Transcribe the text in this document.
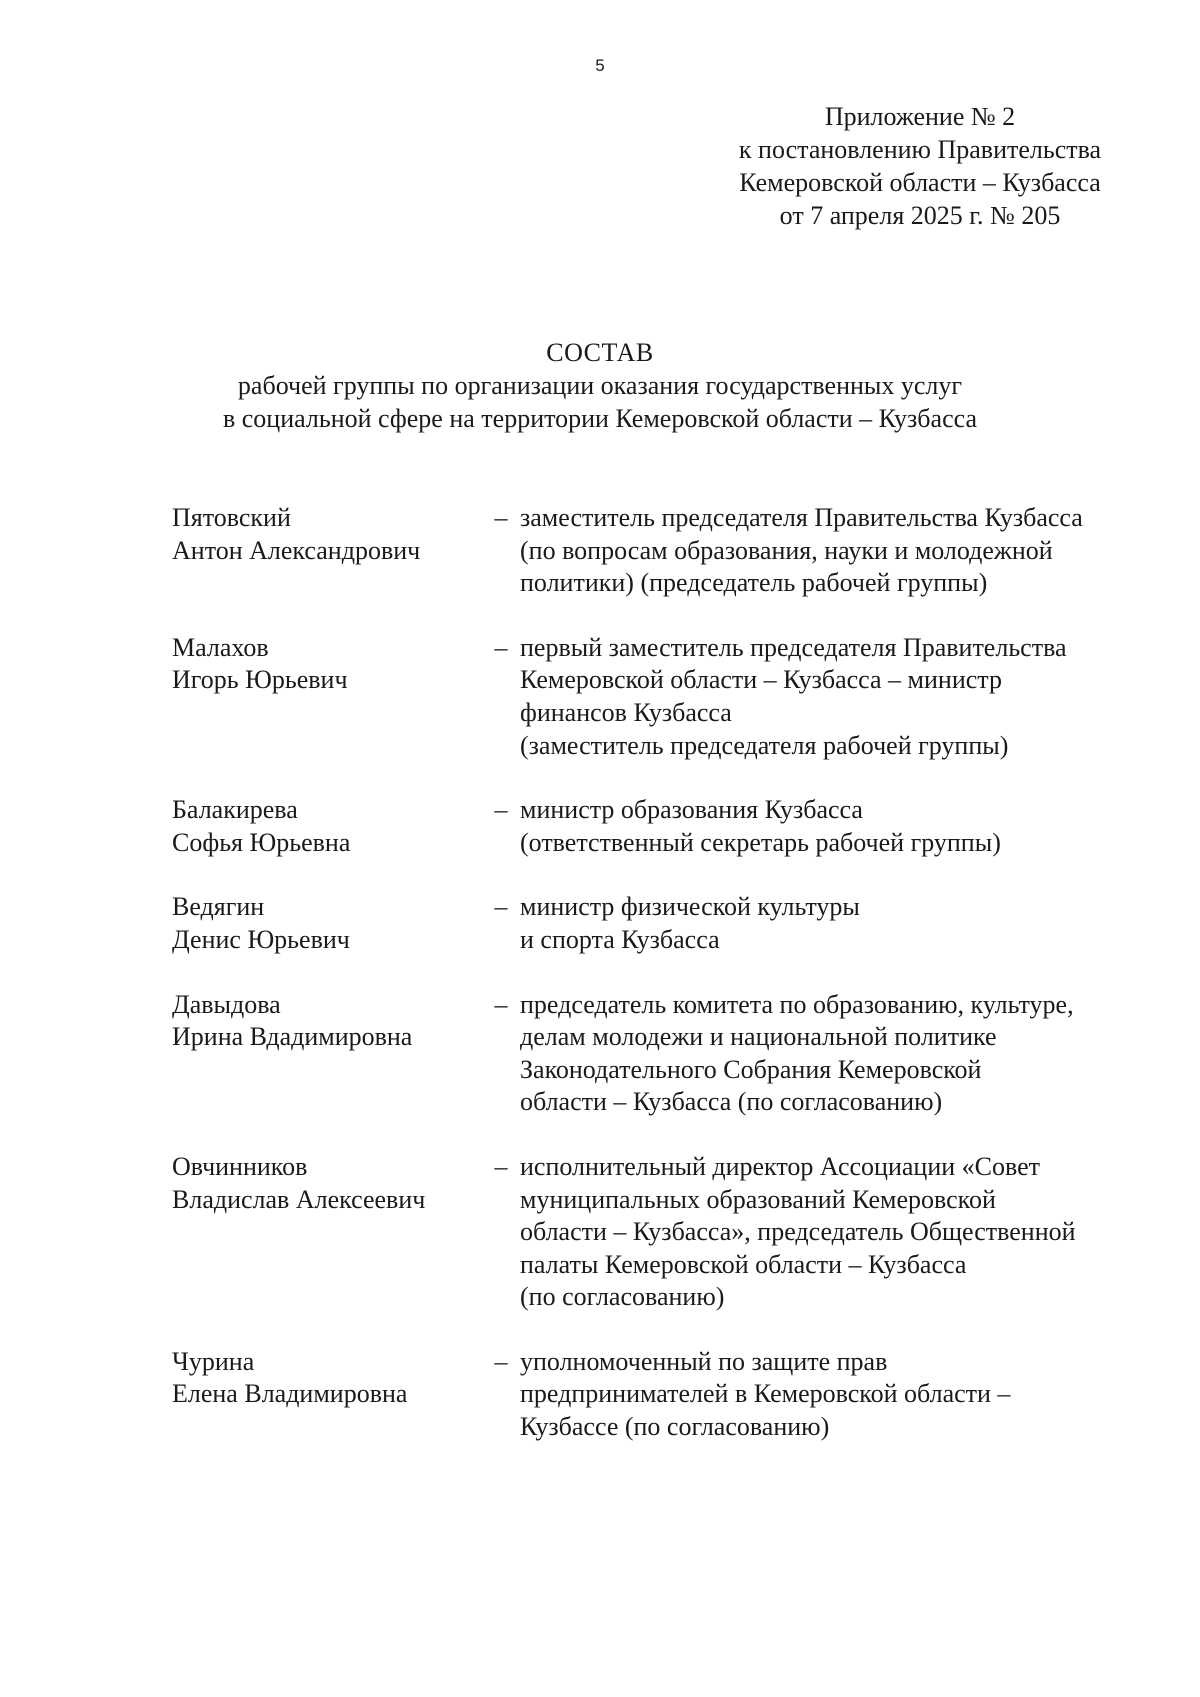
5
Приложение № 2
к постановлению Правительства
Кемеровской области – Кузбасса
от 7 апреля 2025 г. № 205
СОСТАВ
рабочей группы по организации оказания государственных услуг
в социальной сфере на территории Кемеровской области – Кузбасса
Пятовский
Антон Александрович
– заместитель председателя Правительства Кузбасса
(по вопросам образования, науки и молодежной
политики) (председатель рабочей группы)
Малахов
Игорь Юрьевич
– первый заместитель председателя Правительства
Кемеровской области – Кузбасса – министр
финансов Кузбасса
(заместитель председателя рабочей группы)
Балакирева
Софья Юрьевна
– министр образования Кузбасса
(ответственный секретарь рабочей группы)
Ведягин
Денис Юрьевич
– министр физической культуры
и спорта Кузбасса
Давыдова
Ирина Вдадимировна
– председатель комитета по образованию, культуре,
делам молодежи и национальной политике
Законодательного Собрания Кемеровской
области – Кузбасса (по согласованию)
Овчинников
Владислав Алексеевич
– исполнительный директор Ассоциации «Совет
муниципальных образований Кемеровской
области – Кузбасса», председатель Общественной
палаты Кемеровской области – Кузбасса
(по согласованию)
Чурина
Елена Владимировна
– уполномоченный по защите прав
предпринимателей в Кемеровской области –
Кузбассе (по согласованию)
